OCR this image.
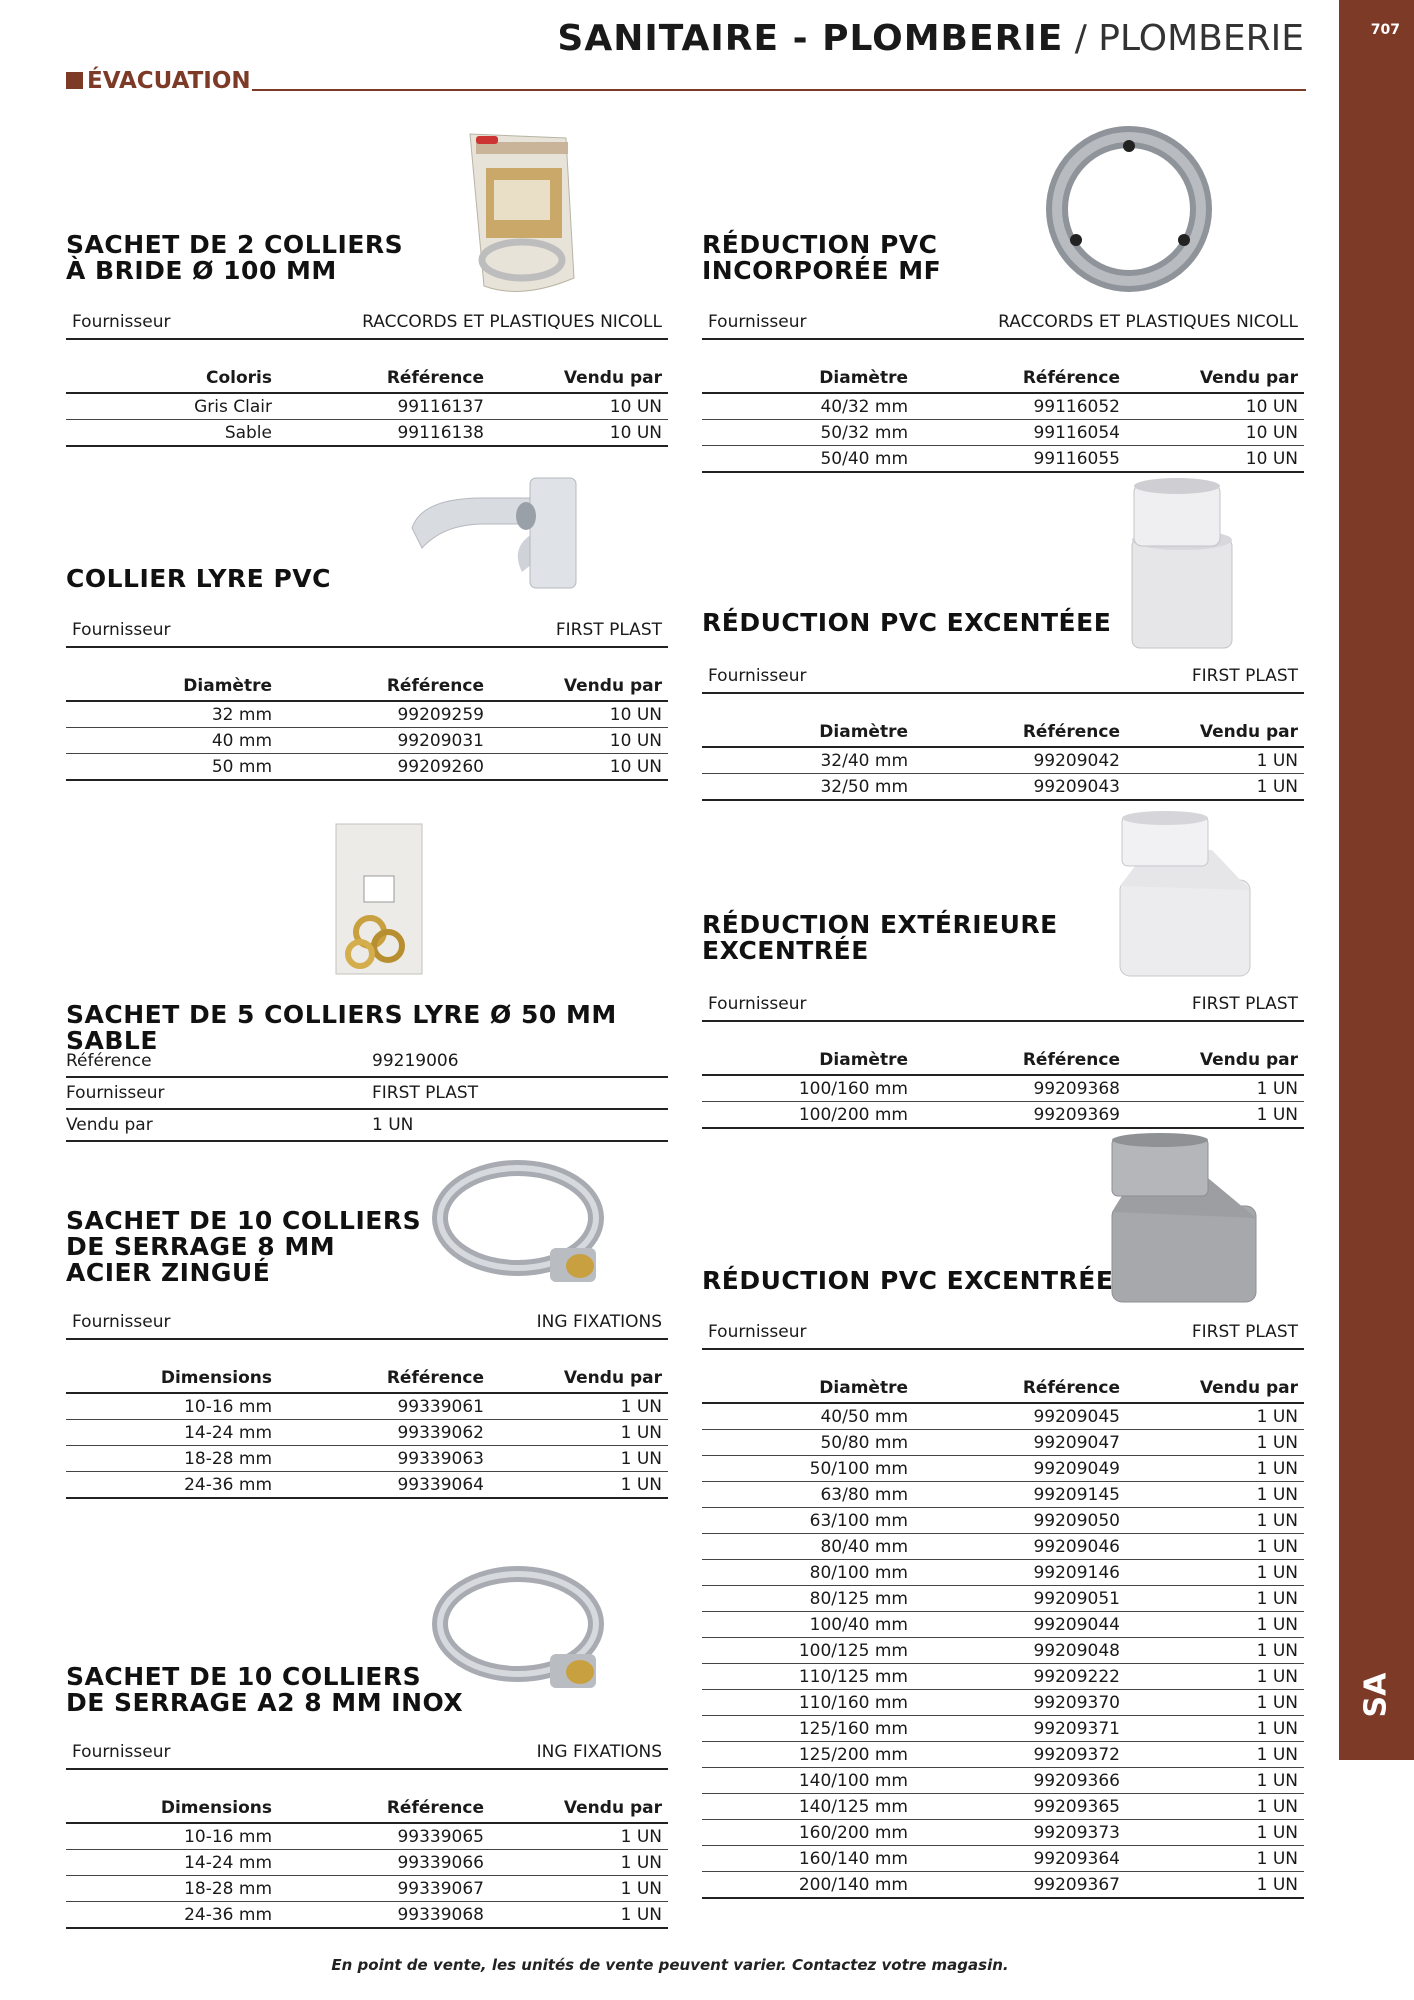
707
SA
SANITAIRE - PLOMBERIE / PLOMBERIE
ÉVACUATION
SACHET DE 2 COLLIERS
À BRIDE Ø 100 MM
Fournisseur	RACCORDS ET PLASTIQUES NICOLL
Coloris	Référence	Vendu par
Gris Clair	99116137	10 UN
Sable	99116138	10 UN
COLLIER LYRE PVC
Fournisseur	FIRST PLAST
Diamètre	Référence	Vendu par
32 mm	99209259	10 UN
40 mm	99209031	10 UN
50 mm	99209260	10 UN
SACHET DE 5 COLLIERS LYRE Ø 50 MM SABLE
Référence	99219006
Fournisseur	FIRST PLAST
Vendu par	1 UN
SACHET DE 10 COLLIERS
DE SERRAGE 8 MM
ACIER ZINGUÉ
Fournisseur	ING FIXATIONS
Dimensions	Référence	Vendu par
10-16 mm	99339061	1 UN
14-24 mm	99339062	1 UN
18-28 mm	99339063	1 UN
24-36 mm	99339064	1 UN
SACHET DE 10 COLLIERS
DE SERRAGE A2 8 MM INOX
Fournisseur	ING FIXATIONS
Dimensions	Référence	Vendu par
10-16 mm	99339065	1 UN
14-24 mm	99339066	1 UN
18-28 mm	99339067	1 UN
24-36 mm	99339068	1 UN
RÉDUCTION PVC
INCORPORÉE MF
Fournisseur	RACCORDS ET PLASTIQUES NICOLL
Diamètre	Référence	Vendu par
40/32 mm	99116052	10 UN
50/32 mm	99116054	10 UN
50/40 mm	99116055	10 UN
RÉDUCTION PVC EXCENTÉEE
Fournisseur	FIRST PLAST
Diamètre	Référence	Vendu par
32/40 mm	99209042	1 UN
32/50 mm	99209043	1 UN
RÉDUCTION EXTÉRIEURE
EXCENTRÉE
Fournisseur	FIRST PLAST
Diamètre	Référence	Vendu par
100/160 mm	99209368	1 UN
100/200 mm	99209369	1 UN
RÉDUCTION PVC EXCENTRÉE
Fournisseur	FIRST PLAST
Diamètre	Référence	Vendu par
40/50 mm	99209045	1 UN
50/80 mm	99209047	1 UN
50/100 mm	99209049	1 UN
63/80 mm	99209145	1 UN
63/100 mm	99209050	1 UN
80/40 mm	99209046	1 UN
80/100 mm	99209146	1 UN
80/125 mm	99209051	1 UN
100/40 mm	99209044	1 UN
100/125 mm	99209048	1 UN
110/125 mm	99209222	1 UN
110/160 mm	99209370	1 UN
125/160 mm	99209371	1 UN
125/200 mm	99209372	1 UN
140/100 mm	99209366	1 UN
140/125 mm	99209365	1 UN
160/200 mm	99209373	1 UN
160/140 mm	99209364	1 UN
200/140 mm	99209367	1 UN
En point de vente, les unités de vente peuvent varier. Contactez votre magasin.
